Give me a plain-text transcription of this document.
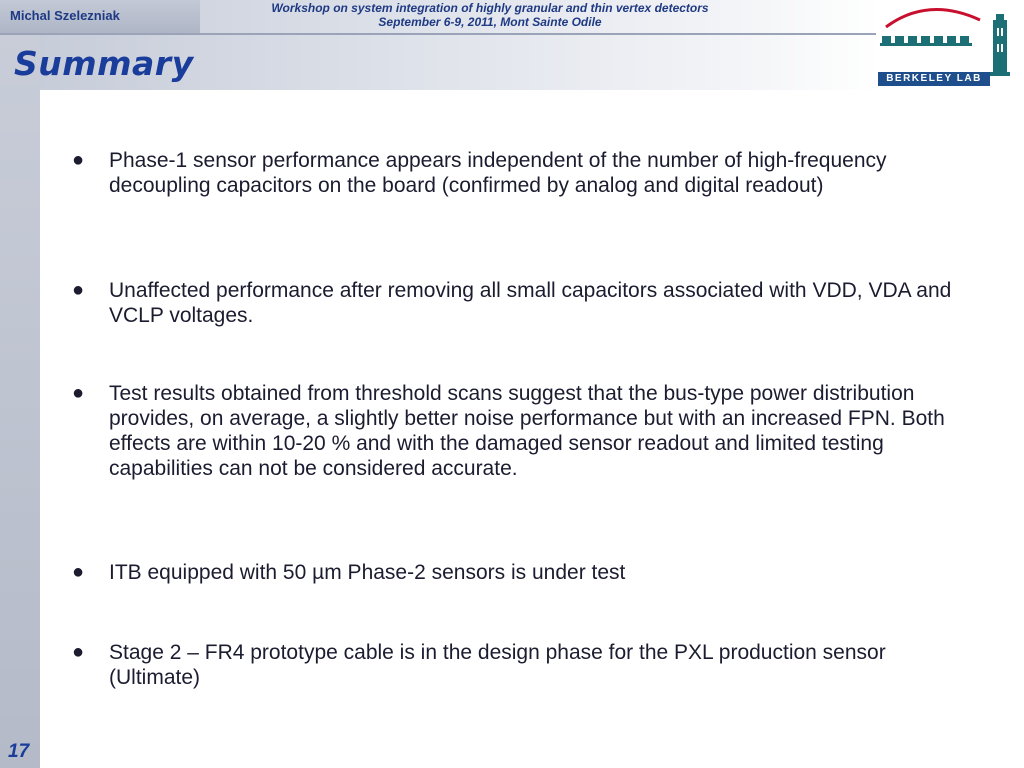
Michal Szelezniak	Workshop on system integration of highly granular and thin vertex detectors
September 6-9, 2011, Mont Sainte Odile
Summary	BERKELEY LAB
● Phase-1 sensor performance appears independent of the number of high-frequency decoupling capacitors on the board (confirmed by analog and digital readout)
● Unaffected performance after removing all small capacitors associated with VDD, VDA and VCLP voltages.
● Test results obtained from threshold scans suggest that the bus-type power distribution provides, on average, a slightly better noise performance but with an increased FPN. Both effects are within 10-20 % and with the damaged sensor readout and limited testing capabilities can not be considered accurate.
● ITB equipped with 50 µm Phase-2 sensors is under test
● Stage 2 – FR4 prototype cable is in the design phase for the PXL production sensor (Ultimate)
17
